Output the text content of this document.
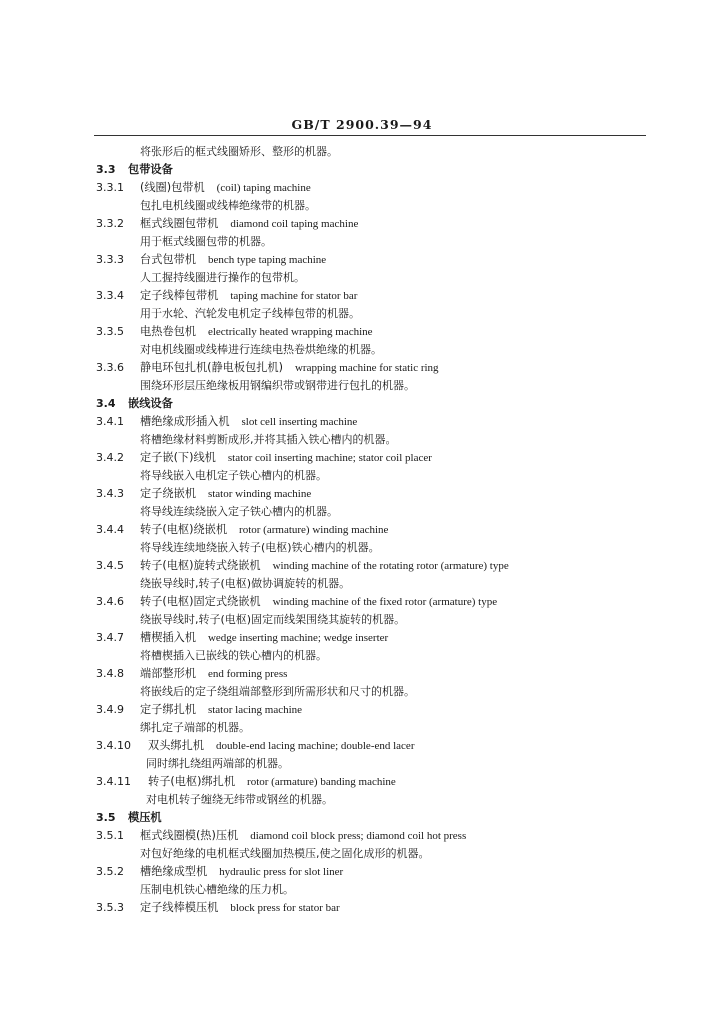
GB/T 2900.39—94
将张形后的框式线圈矫形、整形的机器。
3.3 包带设备
3.3.1 (线圈)包带机 (coil) taping machine
包扎电机线圈或线棒绝缘带的机器。
3.3.2 框式线圈包带机 diamond coil taping machine
用于框式线圈包带的机器。
3.3.3 台式包带机 bench type taping machine
人工握持线圈进行操作的包带机。
3.3.4 定子线棒包带机 taping machine for stator bar
用于水轮、汽轮发电机定子线棒包带的机器。
3.3.5 电热卷包机 electrically heated wrapping machine
对电机线圈或线棒进行连续电热卷烘绝缘的机器。
3.3.6 静电环包扎机(静电板包扎机) wrapping machine for static ring
围绕环形层压绝缘板用钢编织带或钢带进行包扎的机器。
3.4 嵌线设备
3.4.1 槽绝缘成形插入机 slot cell inserting machine
将槽绝缘材料剪断成形,并将其插入铁心槽内的机器。
3.4.2 定子嵌(下)线机 stator coil inserting machine; stator coil placer
将导线嵌入电机定子铁心槽内的机器。
3.4.3 定子绕嵌机 stator winding machine
将导线连续绕嵌入定子铁心槽内的机器。
3.4.4 转子(电枢)绕嵌机 rotor (armature) winding machine
将导线连续地绕嵌入转子(电枢)铁心槽内的机器。
3.4.5 转子(电枢)旋转式绕嵌机 winding machine of the rotating rotor (armature) type
绕嵌导线时,转子(电枢)做协调旋转的机器。
3.4.6 转子(电枢)固定式绕嵌机 winding machine of the fixed rotor (armature) type
绕嵌导线时,转子(电枢)固定而线架围绕其旋转的机器。
3.4.7 槽楔插入机 wedge inserting machine; wedge inserter
将槽楔插入已嵌线的铁心槽内的机器。
3.4.8 端部整形机 end forming press
将嵌线后的定子绕组端部整形到所需形状和尺寸的机器。
3.4.9 定子绑扎机 stator lacing machine
绑扎定子端部的机器。
3.4.10 双头绑扎机 double-end lacing machine; double-end lacer
同时绑扎绕组两端部的机器。
3.4.11 转子(电枢)绑扎机 rotor (armature) banding machine
对电机转子缠绕无纬带或钢丝的机器。
3.5 模压机
3.5.1 框式线圈模(热)压机 diamond coil block press; diamond coil hot press
对包好绝缘的电机框式线圈加热模压,使之固化成形的机器。
3.5.2 槽绝缘成型机 hydraulic press for slot liner
压制电机铁心槽绝缘的压力机。
3.5.3 定子线棒模压机 block press for stator bar
